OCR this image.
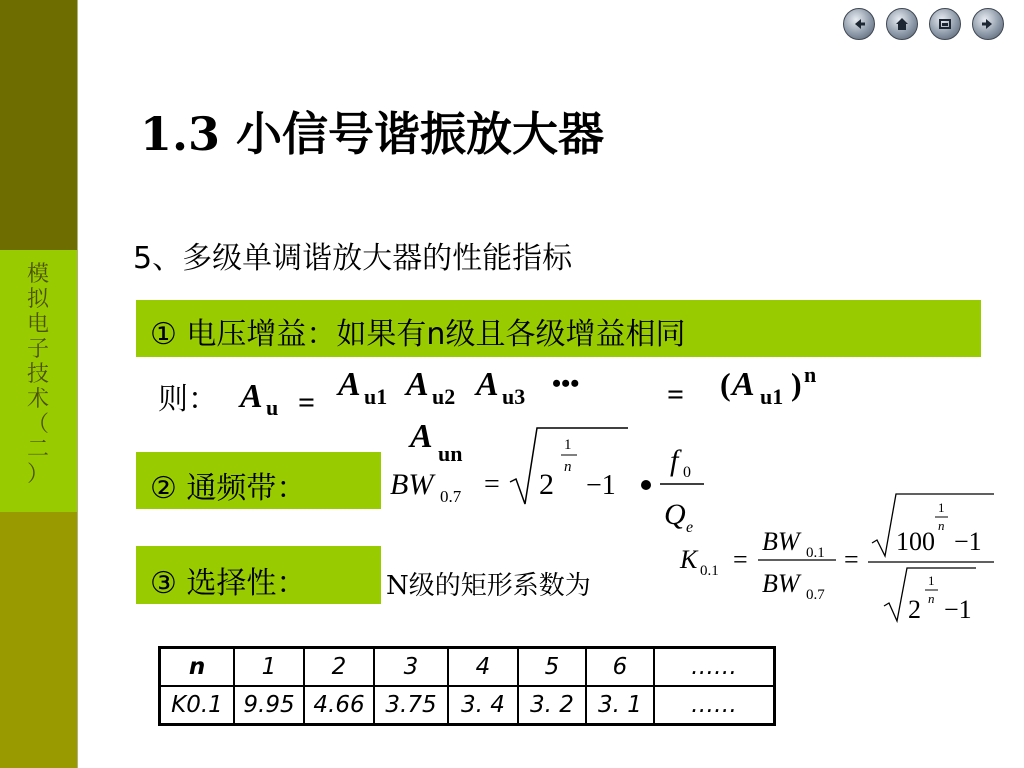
模
拟
电
子
技
术
（
二
）
1.3 小信号谐振放大器
5、多级单调谐放大器的性能指标
① 电压增益：如果有n级且各级增益相同
则： A u = A u1 A u2 A u3 •••	= ( A u1 ) n
A un
② 通频带：	BW 0.7 = 2
1
n
−1
f 0
Q e
③ 选择性：	N级的矩形系数为
K 0.1 =
BW 0.1
BW 0.7
=
100
1
n
−1
2
1
n −1
n	1	2	3	4	5	6	……
K0.1	9.95	4.66	3.75	3. 4	3. 2	3. 1	……
